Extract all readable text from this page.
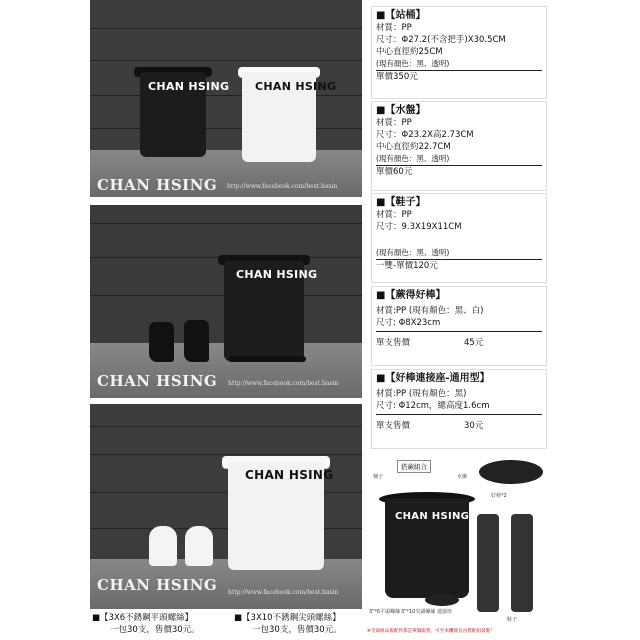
CHAN HSING CHAN HSING
CHAN HSING http://www.facebook.com/best.basin
CHAN HSING
CHAN HSING http://www.facebook.com/best.basin
CHAN HSING
CHAN HSING http://www.facebook.com/best.basin
■【站桶】
材質：PP
尺寸：Φ27.2(不含把手)X30.5CM
中心直徑約25CM
(現有顏色：黑、透明)
單價350元
■【水盤】
材質：PP
尺寸：Φ23.2X高2.73CM
中心直徑約22.7CM
(現有顏色：黑、透明)
單價60元
■【鞋子】
材質：PP
尺寸：9.3X19X11CM
(現有顏色：黑、透明)
一雙-單價120元
■【蕨得好棒】
材質:PP (現有顏色：黑、白)
尺寸: Φ8X23cm
單支售價	45元
■【好棒連接座-通用型】
材質:PP (現有顏色：黑)
尺寸: Φ12cm，總高度1.6cm
單支售價	30元
■【3X6不銹鋼平頭螺絲】
一包30支，售價30元。
■【3X10不銹鋼尖頭螺絲】
一包30支，售價30元。
搭蕨組合
桶子	水盤
好棒*2
CHAN HSING
3"*6平頭螺絲 3"*10尖頭螺絲 連接座
鞋子
※全部組品與配件都是單獨販售，可至本攤賣自由搭配組裝喔！
